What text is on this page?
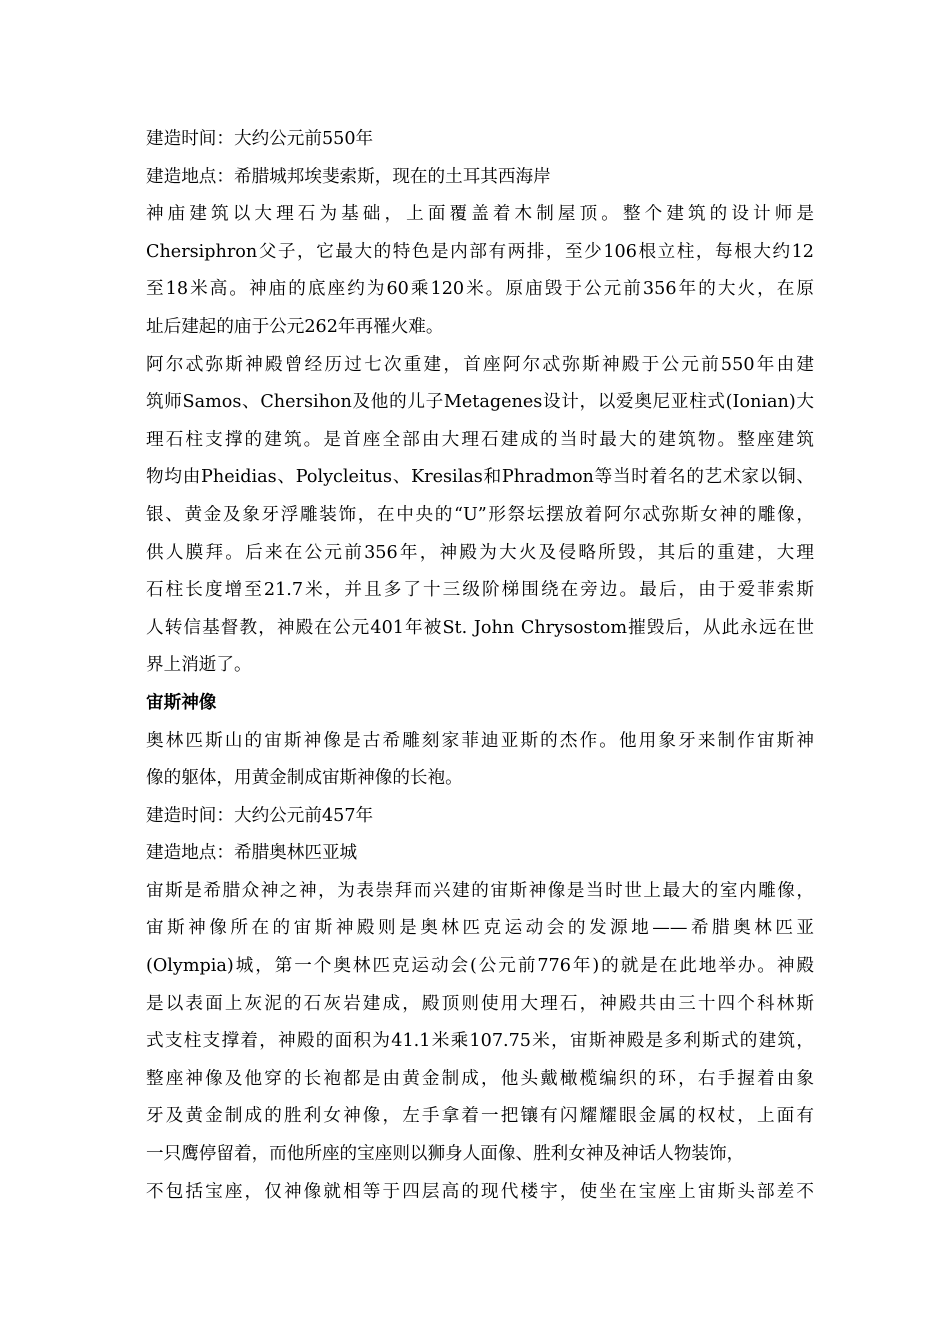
建造时间：大约公元前550年
建造地点：希腊城邦埃斐索斯，现在的土耳其西海岸
神庙建筑以大理石为基础，上面覆盖着木制屋顶。整个建筑的设计师是
Chersiphron父子，它最大的特色是内部有两排，至少106根立柱，每根大约12
至18米高。神庙的底座约为60乘120米。原庙毁于公元前356年的大火，在原
址后建起的庙于公元262年再罹火难。
阿尔忒弥斯神殿曾经历过七次重建，首座阿尔忒弥斯神殿于公元前550年由建
筑师Samos、Chersihon及他的儿子Metagenes设计，以爱奥尼亚柱式(Ionian)大
理石柱支撑的建筑。是首座全部由大理石建成的当时最大的建筑物。整座建筑
物均由Pheidias、Polycleitus、Kresilas和Phradmon等当时着名的艺术家以铜、
银、黄金及象牙浮雕装饰，在中央的“U”形祭坛摆放着阿尔忒弥斯女神的雕像，
供人膜拜。后来在公元前356年，神殿为大火及侵略所毁，其后的重建，大理
石柱长度增至21.7米，并且多了十三级阶梯围绕在旁边。最后，由于爱菲索斯
人转信基督教，神殿在公元401年被St. John Chrysostom摧毁后，从此永远在世
界上消逝了。
宙斯神像
奥林匹斯山的宙斯神像是古希雕刻家菲迪亚斯的杰作。他用象牙来制作宙斯神
像的躯体，用黄金制成宙斯神像的长袍。
建造时间：大约公元前457年
建造地点：希腊奥林匹亚城
宙斯是希腊众神之神，为表崇拜而兴建的宙斯神像是当时世上最大的室内雕像，
宙斯神像所在的宙斯神殿则是奥林匹克运动会的发源地——希腊奥林匹亚
(Olympia)城，第一个奥林匹克运动会(公元前776年)的就是在此地举办。神殿
是以表面上灰泥的石灰岩建成，殿顶则使用大理石，神殿共由三十四个科林斯
式支柱支撑着，神殿的面积为41.1米乘107.75米，宙斯神殿是多利斯式的建筑，
整座神像及他穿的长袍都是由黄金制成，他头戴橄榄编织的环，右手握着由象
牙及黄金制成的胜利女神像，左手拿着一把镶有闪耀耀眼金属的权杖，上面有
一只鹰停留着，而他所座的宝座则以狮身人面像、胜利女神及神话人物装饰，
不包括宝座，仅神像就相等于四层高的现代楼宇，使坐在宝座上宙斯头部差不
